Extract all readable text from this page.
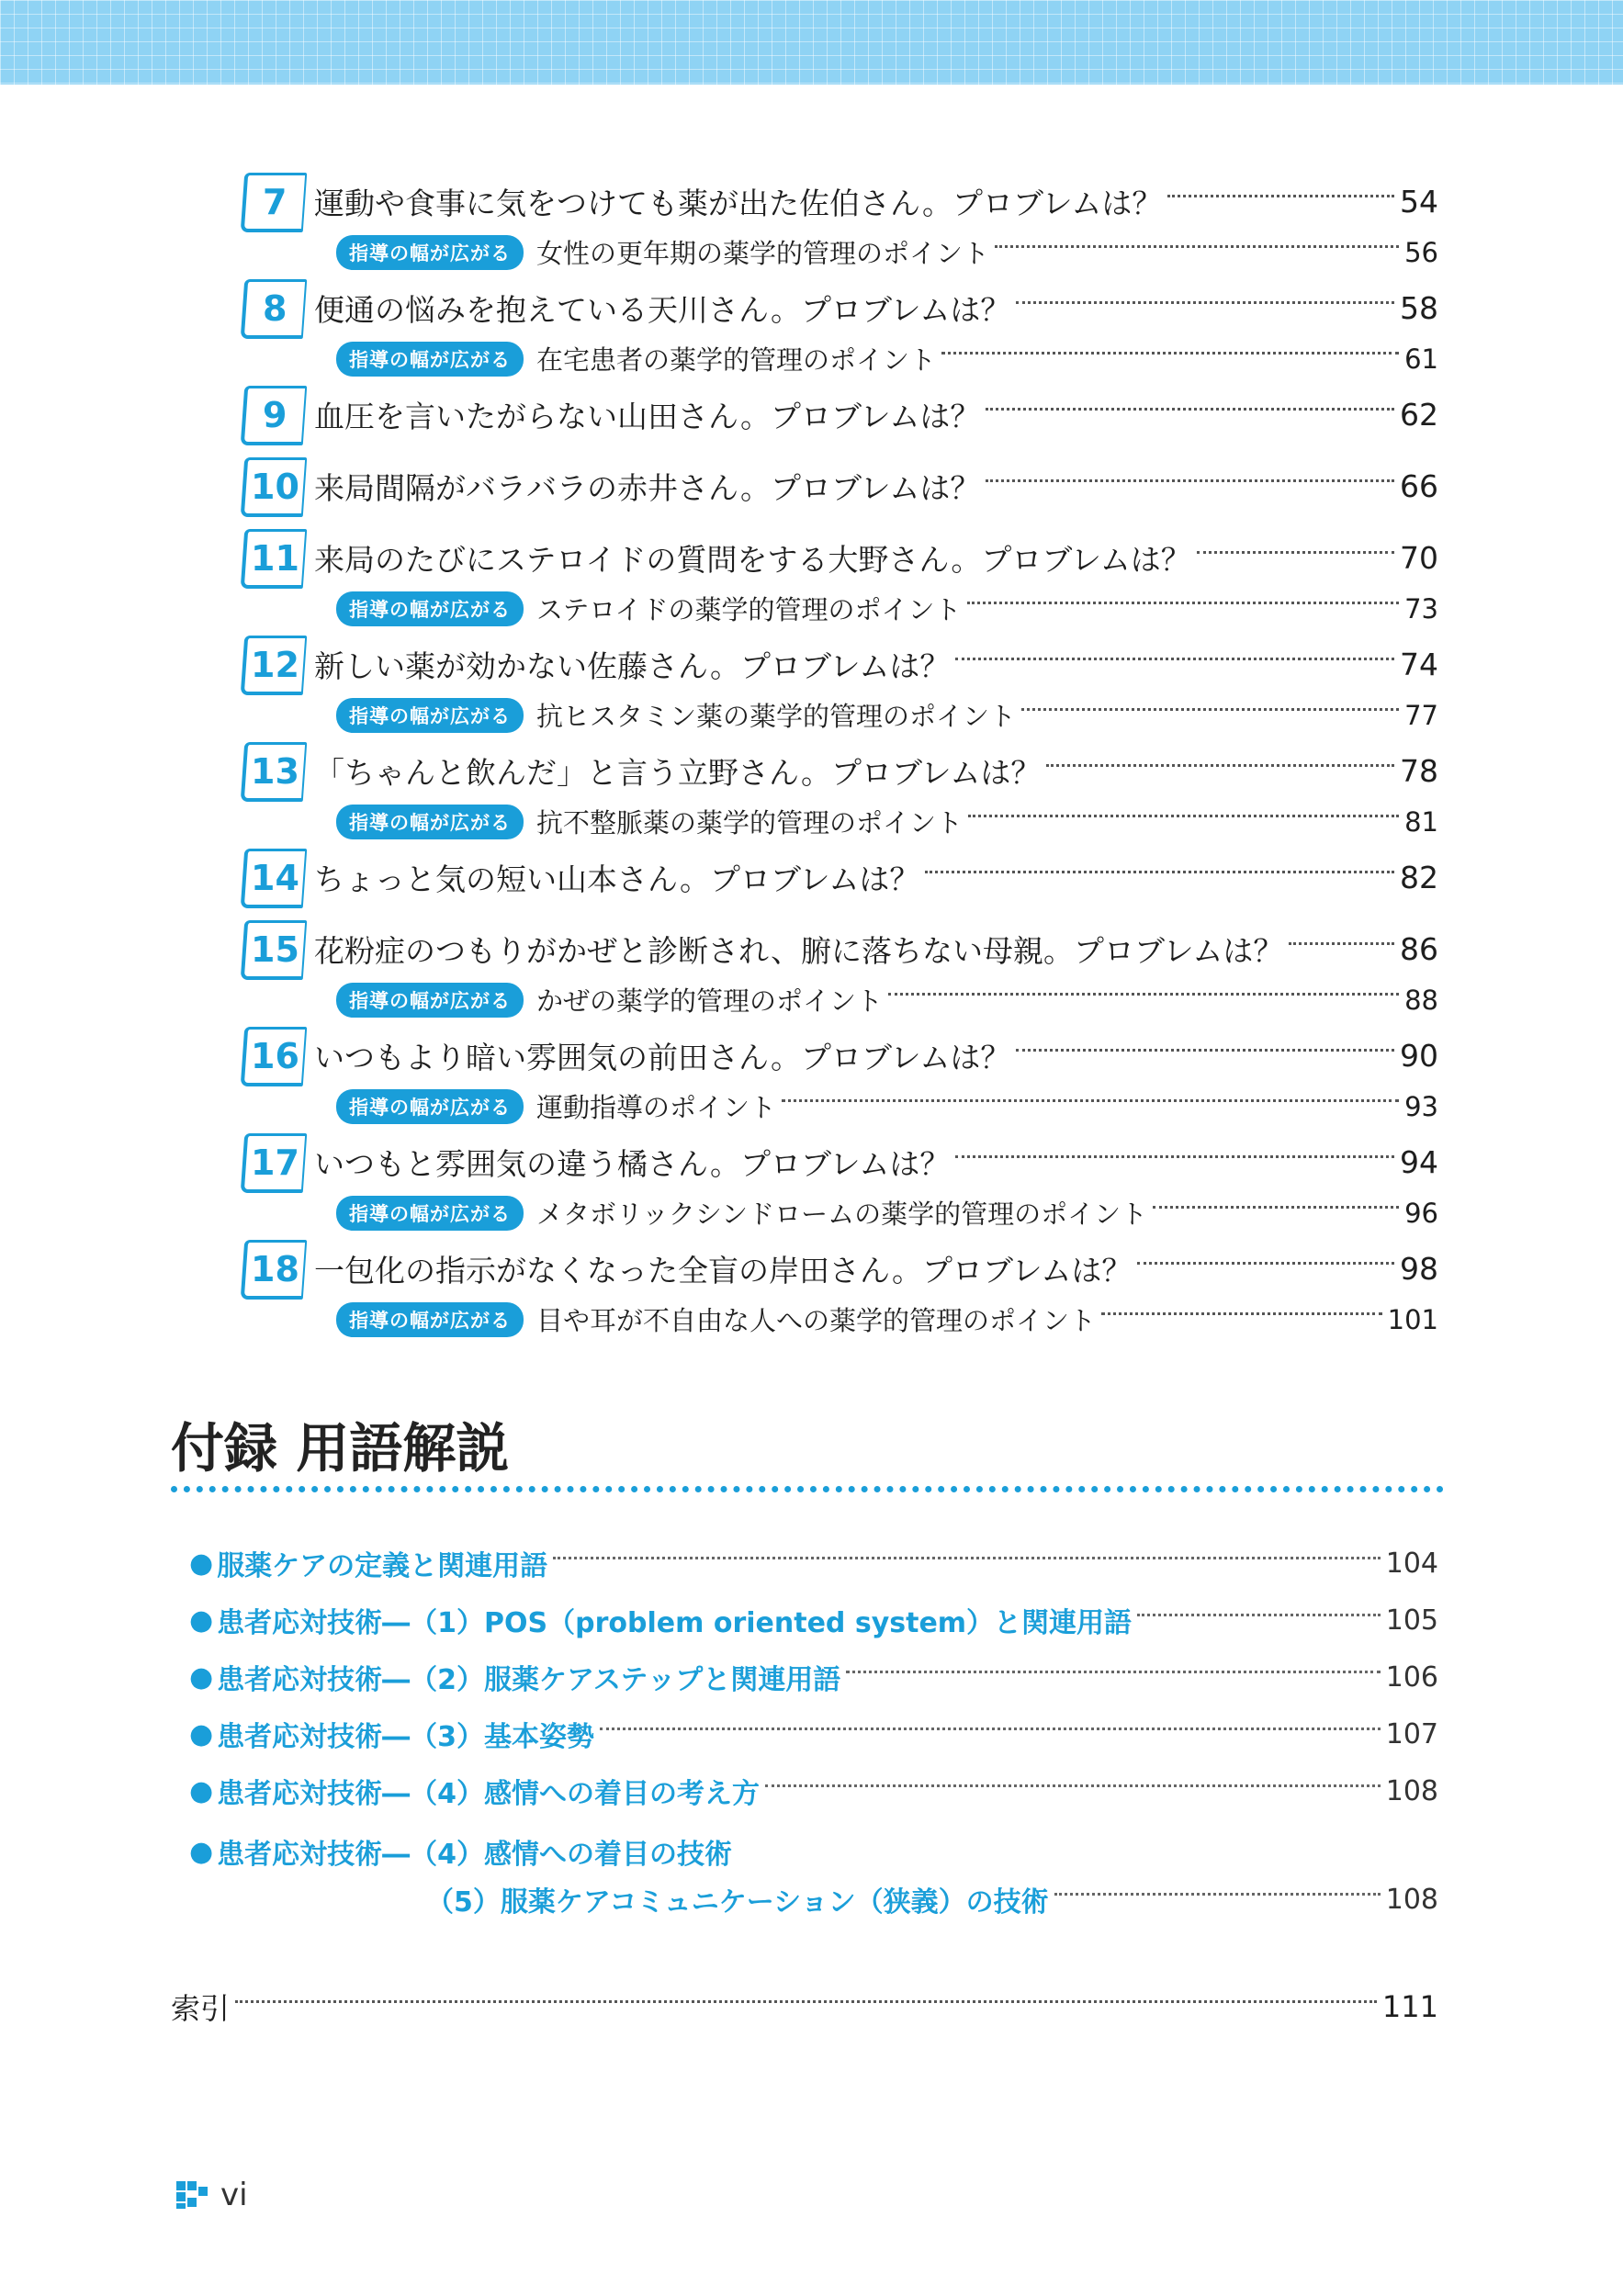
7 運動や食事に気をつけても薬が出た佐伯さん。プロブレムは？	54
指導の幅が広がる 女性の更年期の薬学的管理のポイント	56
8 便通の悩みを抱えている天川さん。プロブレムは？	58
指導の幅が広がる 在宅患者の薬学的管理のポイント	61
9 血圧を言いたがらない山田さん。プロブレムは？	62
10 来局間隔がバラバラの赤井さん。プロブレムは？	66
11 来局のたびにステロイドの質問をする大野さん。プロブレムは？	70
指導の幅が広がる ステロイドの薬学的管理のポイント	73
12 新しい薬が効かない佐藤さん。プロブレムは？	74
指導の幅が広がる 抗ヒスタミン薬の薬学的管理のポイント	77
13 「ちゃんと飲んだ」と言う立野さん。プロブレムは？	78
指導の幅が広がる 抗不整脈薬の薬学的管理のポイント	81
14 ちょっと気の短い山本さん。プロブレムは？	82
15 花粉症のつもりがかぜと診断され、腑に落ちない母親。プロブレムは？	86
指導の幅が広がる かぜの薬学的管理のポイント	88
16 いつもより暗い雰囲気の前田さん。プロブレムは？	90
指導の幅が広がる 運動指導のポイント	93
17 いつもと雰囲気の違う橘さん。プロブレムは？	94
指導の幅が広がる メタボリックシンドロームの薬学的管理のポイント	96
18 一包化の指示がなくなった全盲の岸田さん。プロブレムは？	98
指導の幅が広がる 目や耳が不自由な人への薬学的管理のポイント	101
付録 用語解説
● 服薬ケアの定義と関連用語	104
● 患者応対技術―（1）POS（problem oriented system）と関連用語	105
● 患者応対技術―（2）服薬ケアステップと関連用語	106
● 患者応対技術―（3）基本姿勢	107
● 患者応対技術―（4）感情への着目の考え方	108
● 患者応対技術―（4）感情への着目の技術
（5）服薬ケアコミュニケーション（狭義）の技術	108
索引	111
vi
